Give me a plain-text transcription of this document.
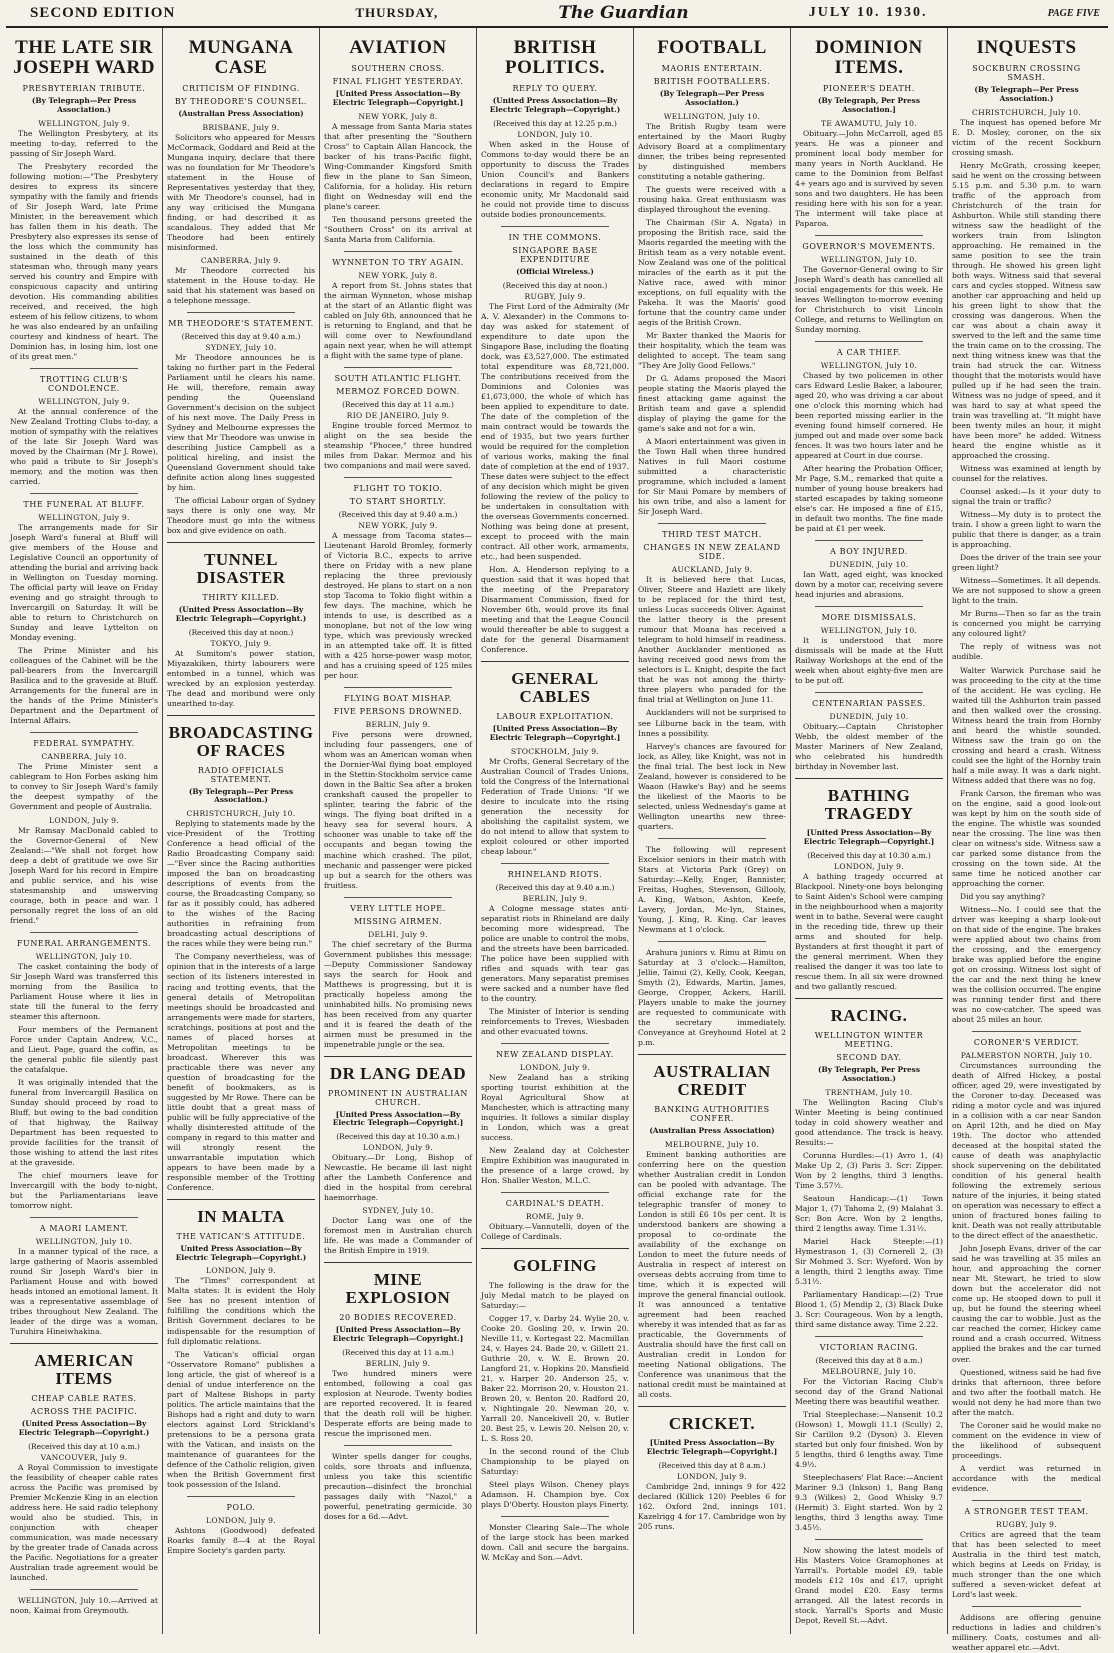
SECOND EDITION	THURSDAY,	The Guardian	JULY 10. 1930.	PAGE FIVE
THE LATE SIR JOSEPH WARD
PRESBYTERIAN TRIBUTE.
(By Telegraph—Per Press Association.)
WELLINGTON, July 9.
The Wellington Presbytery, at its meeting to-day, referred to the passing of Sir Joseph Ward.
The Presbytery recorded the following motion:—"The Presbytery desires to express its sincere sympathy with the family and friends of Sir Joseph Ward, late Prime Minister, in the bereavement which has fallen them in his death. The Presbytery also expresses its sense of the loss which the community has sustained in the death of this statesman who, through many years served his country and Empire with conspicuous capacity and untiring devotion. His commanding abilities received, and received, the high esteem of his fellow citizens, to whom he was also endeared by an unfailing courtesy and kindness of heart. The Dominion has, in losing him, lost one of its great men."
TROTTING CLUB'S CONDOLENCE.
WELLINGTON, July 9.
At the annual conference of the New Zealand Trotting Clubs to-day, a motion of sympathy with the relatives of the late Sir Joseph Ward was moved by the Chairman (Mr J. Rowe), who paid a tribute to Sir Joseph's memory, and the motion was then carried.
THE FUNERAL AT BLUFF.
WELLINGTON, July 9.
The arrangements made for Sir Joseph Ward's funeral at Bluff will give members of the House and Legislative Council an opportunity of attending the burial and arriving back in Wellington on Tuesday morning. The official party will leave on Friday evening and go straight through to Invercargill on Saturday. It will be able to return to Christchurch on Sunday and leave Lyttelton on Monday evening.
The Prime Minister and his colleagues of the Cabinet will be the pall-bearers from the Invercargill Basilica and to the graveside at Bluff. Arrangements for the funeral are in the hands of the Prime Minister's Department and the Department of Internal Affairs.
FEDERAL SYMPATHY.
CANBERRA, July 10.
The Prime Minister sent a cablegram to Hon Forbes asking him to convey to Sir Joseph Ward's family the deepest sympathy of the Government and people of Australia.
LONDON, July 9.
Mr Ramsay MacDonald cabled to the Governor-General of New Zealand:—"We shall not forget how deep a debt of gratitude we owe Sir Joseph Ward for his record in Empire and public service, and his wise statesmanship and unswerving courage, both in peace and war. I personally regret the loss of an old friend."
FUNERAL ARRANGEMENTS.
WELLINGTON, July 10.
The casket containing the body of Sir Joseph Ward was transferred this morning from the Basilica to Parliament House where it lies in state till the funeral to the ferry steamer this afternoon.
Four members of the Permanent Force under Captain Andrew, V.C., and Lieut. Page, guard the coffin, as the general public file silently past the catafalque.
It was originally intended that the funeral from Invercargill Basilica on Sunday should proceed by road to Bluff, but owing to the bad condition of that highway, the Railway Department has been requested to provide facilities for the transit of those wishing to attend the last rites at the graveside.
The chief mourners leave for Invercargill with the body to-night, but the Parliamentarians leave tomorrow night.
A MAORI LAMENT.
WELLINGTON, July 10.
In a manner typical of the race, a large gathering of Maoris assembled round Sir Joseph Ward's bier in Parliament House and with bowed heads intoned an emotional lament. It was a representative assemblage of tribes throughout New Zealand. The leader of the dirge was a woman, Turuhira Hineiwhakina.
AMERICAN ITEMS
CHEAP CABLE RATES.
ACROSS THE PACIFIC.
(United Press Association—By Electric Telegraph—Copyright.)
(Received this day at 10 a.m.)
VANCOUVER, July 9.
A Royal Commission to investigate the feasibility of cheaper cable rates across the Pacific was promised by Premier McKenzie King in an election address here. He said radio telephony would also be studied. This, in conjunction with cheaper communication, was made necessary by the greater trade of Canada across the Pacific. Negotiations for a greater Australian trade agreement would be launched.
WELLINGTON, July 10.—Arrived at noon, Kaimai from Greymouth.
MUNGANA CASE
CRITICISM OF FINDING.
BY THEODORE'S COUNSEL.
(Australian Press Association)
BRISBANE, July 9.
Solicitors who appeared for Messrs McCormack, Goddard and Reid at the Mungana inquiry, declare that there was no foundation for Mr Theodore's statement in the House of Representatives yesterday that they, with Mr Theodore's counsel, had in any way criticised the Mungana finding, or had described it as scandalous. They added that Mr Theodore had been entirely misinformed.
CANBERRA, July 9.
Mr Theodore corrected his statement in the House to-day. He said that his statement was based on a telephone message.
MR THEODORE'S STATEMENT.
(Received this day at 9.40 a.m.)
SYDNEY, July 10.
Mr Theodore announces he is taking no further part in the Federal Parliament until he clears his name. He will, therefore, remain away pending the Queensland Government's decision on the subject of his next move. The Daily Press in Sydney and Melbourne expresses the view that Mr Theodore was unwise in describing Justice Campbell as a political hireling, and insist the Queensland Government should take definite action along lines suggested by him.
The official Labour organ of Sydney says there is only one way, Mr Theodore must go into the witness box and give evidence on oath.
TUNNEL DISASTER
THIRTY KILLED.
(United Press Association—By Electric Telegraph—Copyright.)
(Received this day at noon.)
TOKYO, July 9.
At Sumitom's power station, Miyazakiken, thirty labourers were entombed in a tunnel, which was wrecked by an explosion yesterday. The dead and moribund were only unearthed to-day.
BROADCASTING OF RACES
RADIO OFFICIALS STATEMENT.
(By Telegraph—Per Press Association.)
CHRISTCHURCH, July 10.
Replying to statements made by the vice-President of the Trotting Conference a head official of the Radio Broadcasting Company said:—"Ever since the Racing authorities imposed the ban on broadcasting descriptions of events from the course, the Broadcasting Company, so far as it possibly could, has adhered to the wishes of the Racing authorities in refraining from broadcasting actual descriptions of the races while they were being run."
The Company nevertheless, was of opinion that in the interests of a large section of its listeners interested in racing and trotting events, that the general details of Metropolitan meetings should be broadcasted and arrangements were made for starters, scratchings, positions at post and the names of placed horses at Metropolitan meetings to be broadcast. Wherever this was practicable there was never any question of broadcasting for the benefit of bookmakers, as is suggested by Mr Rowe. There can be little doubt that a great mass of public will be fully appreciative of the wholly disinterested attitude of the company in regard to this matter and will strongly resent the unwarrantable imputation which appears to have been made by a responsible member of the Trotting Conference.
IN MALTA
THE VATICAN'S ATTITUDE.
United Press Association—By Electric Telegraph—Copyright.)
LONDON, July 9.
The "Times" correspondent at Malta states: It is evident the Holy See has no present intention of fulfilling the conditions which the British Government declares to be indispensable for the resumption of full diplomatic relations.
The Vatican's official organ "Osservatore Romano" publishes a long article, the gist of whereof is a denial of undue interference on the part of Maltese Bishops in party politics. The article maintains that the Bishops had a right and duty to warn electors against Lord Strickland's pretensions to be a persona grata with the Vatican, and insists on the maintenance of guarantees for the defence of the Catholic religion, given when the British Government first took possession of the Island.
POLO.
LONDON, July 9.
Ashtons (Goodwood) defeated Roarks family 8—4 at the Royal Empire Society's garden party.
AVIATION
SOUTHERN CROSS.
FINAL FLIGHT YESTERDAY.
[United Press Association—By Electric Telegraph—Copyright.]
NEW YORK, July 8.
A message from Santa Maria states that after presenting the "Southern Cross" to Captain Allan Hancock, the backer of his trans-Pacific flight, Wing-Commander Kingsford Smith flew in the plane to San Simeon, California, for a holiday. His return flight on Wednesday will end the plane's career.
Ten thousand persons greeted the "Southern Cross" on its arrival at Santa Maria from California.
WYNNETON TO TRY AGAIN.
NEW YORK, July 8.
A report from St. Johns states that the airman Wynneton, whose mishap at the start of an Atlantic flight was cabled on July 6th, announced that he is returning to England, and that he will come over to Newfoundland again next year, when he will attempt a flight with the same type of plane.
SOUTH ATLANTIC FLIGHT.
MERMOZ FORCED DOWN.
(Received this day at 11 a.m.)
RIO DE JANEIRO, July 9.
Engine trouble forced Mermoz to alight on the sea beside the steamship "Phocee," three hundred miles from Dakar. Mermoz and his two companions and mail were saved.
FLIGHT TO TOKIO.
TO START SHORTLY.
(Received this day at 9.40 a.m.)
NEW YORK, July 9.
A message from Tacoma states—Lieutenant Harold Bromley, formerly of Victoria B.C., expects to arrive there on Friday with a new plane replacing the three previously destroyed. He plans to start on a non stop Tacoma to Tokio flight within a few days. The machine, which he intends to use, is described as a monoplane, but not of the low wing type, which was previously wrecked in an attempted take off. It is fitted with a 425 horse-power wasp motor, and has a cruising speed of 125 miles per hour.
FLYING BOAT MISHAP.
FIVE PERSONS DROWNED.
BERLIN, July 9.
Five persons were drowned, including four passengers, one of whom was an American woman when the Dornier-Wal flying boat employed in the Stettin-Stockholm service came down in the Baltic Sea after a broken crankshaft caused the propeller to splinter, tearing the fabric of the wings. The flying boat drifted in a heavy sea for several hours. A schooner was unable to take off the occupants and began towing the machine which crashed. The pilot, mechanic and passenger were picked up but a search for the others was fruitless.
VERY LITTLE HOPE.
MISSING AIRMEN.
DELHI, July 9.
The chief secretary of the Burma Government publishes this message:—Deputy Commissioner Sandoway says the search for Hook and Matthews is progressing, but it is practically hopeless among the uninhabited hills. No promising news has been received from any quarter and it is feared the death of the airmen must be presumed in the impenetrable jungle or the sea.
DR LANG DEAD
PROMINENT IN AUSTRALIAN CHURCH.
[United Press Association—By Electric Telegraph—Copyright.]
(Received this day at 10.30 a.m.)
LONDON, July 9.
Obituary.—Dr Long, Bishop of Newcastle. He became ill last night after the Lambeth Conference and died in the hospital from cerebral haemorrhage.
SYDNEY, July 10.
Doctor Lang was one of the foremost men in Australian church life. He was made a Commander of the British Empire in 1919.
MINE EXPLOSION
20 BODIES RECOVERED.
[United Press Association—By Electric Telegraph—Copyright.]
(Received this day at 11 a.m.)
BERLIN, July 9.
Two hundred miners were entombed, following a coal gas explosion at Neurode. Twenty bodies are reported recovered. It is feared that the death roll will be higher. Desperate efforts are being made to rescue the imprisoned men.
Winter spells danger for coughs, colds, sore throats and influenza, unless you take this scientific precaution—disinfect the bronchial passages daily with "Nazol," a powerful, penetrating germicide. 30 doses for a 6d.—Advt.
BRITISH POLITICS.
REPLY TO QUERY.
(United Press Association—By Electric Telegraph—Copyright.)
(Received this day at 12.25 p.m.)
LONDON, July 10.
When asked in the House of Commons to-day would there be an opportunity to discuss the Trades Union Council's and Bankers declarations in regard to Empire economic unity, Mr Macdonald said he could not provide time to discuss outside bodies pronouncements.
IN THE COMMONS.
SINGAPORE BASE EXPENDITURE
(Official Wireless.)
(Received this day at noon.)
RUGBY, July 9.
The First Lord of the Admiralty (Mr A. V. Alexander) in the Commons to-day was asked for statement of expenditure to date upon the Singapore Base, including the floating dock, was £3,527,000. The estimated total expenditure was £8,721,000. The contributions received from the Dominions and Colonies was £1,673,000, the whole of which has been applied to expenditure to date. The date of the completion of the main contract would be towards the end of 1935, but two years further would be required for the completion of various works, making the final date of completion at the end of 1937. These dates were subject to the effect of any decision which might be given following the review of the policy to be undertaken in consultation with the overseas Governments concerned. Nothing was being done at present, except to proceed with the main contract. All other work, armaments, etc., had been suspended.
Hon. A. Henderson replying to a question said that it was hoped that the meeting of the Preparatory Disarmament Commission, fixed for November 6th, would prove its final meeting and that the League Council would thereafter be able to suggest a date for the general Disarmament Conference.
GENERAL CABLES
LABOUR EXPLOITATION.
[United Press Association—By Electric Telegraph—Copyright.]
STOCKHOLM, July 9.
Mr Crofts, General Secretary of the Australian Council of Trades Unions, told the Congress of the International Federation of Trade Unions: "If we desire to inculcate into the rising generation the necessity for abolishing the capitalist system, we do not intend to allow that system to exploit coloured or other imported cheap labour."
RHINELAND RIOTS.
(Received this day at 9.40 a.m.)
BERLIN, July 9.
A Cologne message states anti-separatist riots in Rhineland are daily becoming more widespread. The police are unable to control the mobs, and the streets have been barricaded. The police have been supplied with rifles and squads with tear gas generators. Many separatist premises were sacked and a number have fled to the country.
The Minister of Interior is sending reinforcements to Treves, Wiesbaden and other evacuated towns.
NEW ZEALAND DISPLAY.
LONDON, July 9.
New Zealand has a striking sporting tourist exhibition at the Royal Agricultural Show at Manchester, which is attracting many inquiries. It follows a similar display in London, which was a great success.
New Zealand day at Colchester Empire Exhibition was inaugurated in the presence of a large crowd, by Hon. Shaller Weston, M.L.C.
CARDINAL'S DEATH.
ROME, July 9.
Obituary.—Vannutelli, doyen of the College of Cardinals.
GOLFING
The following is the draw for the July Medal match to be played on Saturday:—
Cogger 17, v. Darby 24. Wylie 20, v. Cooke 20. Gosling 20, v. Irwin 20. Neville 11, v. Kortegast 22. Macmillan 24, v. Hayes 24. Bade 20, v. Gillett 21. Guthrie 20, v. W. E. Brown 20. Langford 21, v. Hopkins 20. Mansfield 21, v. Harper 20. Anderson 25, v. Baker 22. Morrison 20, v. Houston 21. Brown 20, v. Benton 20. Radford 20, v. Nightingale 20. Newman 20, v. Yarrall 20. Nancekivell 20, v. Butler 20. Best 25, v. Lewis 20. Nelson 20, v. L. S. Ross 20.
In the second round of the Club Championship to be played on Saturday:
Steel plays Wilson. Cheney plays Adamson. H. Champion bye. Cox plays D'Oberty. Houston plays Finerty.
Monster Clearing Sale—The whole of the large stock has been marked down. Call and secure the bargains. W. McKay and Son.—Advt.
FOOTBALL
MAORIS ENTERTAIN.
BRITISH FOOTBALLERS.
(By Telegraph—Per Press Association.)
WELLINGTON, July 10.
The British Rugby team were entertained by the Maori Rugby Advisory Board at a complimentary dinner, the tribes being represented by distinguished members constituting a notable gathering.
The guests were received with a rousing haka. Great enthusiasm was displayed throughout the evening.
The Chairman (Sir A. Ngata) in proposing the British race, said the Maoris regarded the meeting with the British team as a very notable event. Now Zealand was one of the political miracles of the earth as it put the Native race, awed with minor exceptions, on full equality with the Pakeha. It was the Maoris' good fortune that the country came under aegis of the British Crown.
Mr Baxter thanked the Maoris for their hospitality, which the team was delighted to accept. The team sang "They Are Jolly Good Fellows."
Dr G. Adams proposed the Maori people stating the Maoris played the finest attacking game against the British team and gave a splendid display of playing the game for the game's sake and not for a win.
A Maori entertainment was given in the Town Hall when three hundred Natives in full Maori costume submitted a characteristic programme, which included a lament for Sir Maui Pomare by members of his own tribe, and also a lament for Sir Joseph Ward.
THIRD TEST MATCH.
CHANGES IN NEW ZEALAND SIDE.
AUCKLAND, July 9.
It is believed here that Lucas, Oliver, Steere and Hazlett are likely to be replaced for the third test, unless Lucas succeeds Oliver. Against the latter theory is the present rumour that Moana has received a telegram to hold himself in readiness. Another Aucklander mentioned as having received good news from the selectors is L. Knight, despite the fact that he was not among the thirty-three players who paraded for the final trial at Wellington on June 11.
Aucklanders will not be surprised to see Lilburne back in the team, with Innes a possibility.
Harvey's chances are favoured for lock, as Alley, like Knight, was not in the final trial. The best lock in New Zealand, however is considered to be Waaon (Hawke's Bay) and he seems the likeliest of the Maoris to be selected, unless Wednesday's game at Wellington unearths new three-quarters.
The following will represent Excelsior seniors in their match with Stars at Victoria Park (Grey) on Saturday:—Kelly, Enger, Bannister, Freitas, Hughes, Stevenson, Gillooly, A. King, Watson, Ashton, Keefe, Lavery, Jordan, Mc-Iyn, Staines, Young, J. King, R. King. Car leaves Newmans at 1 o'clock.
Arahura juniors v. Rimu at Rimu on Saturday at 3 o'clock:—Hamilton, Jellie, Tainui (2), Kelly, Cook, Keegan, Smyth (2), Edwards, Martin, James, George, Cropper, Ackers, Harill. Players unable to make the journey are requested to communicate with the secretary immediately. Conveyance at Greyhound Hotel at 2 p.m.
AUSTRALIAN CREDIT
BANKING AUTHORITIES CONFER.
(Australian Press Association)
MELBOURNE, July 10.
Eminent banking authorities are conferring here on the question whether Australian credit in London can be pooled with advantage. The official exchange rate for the telegraphic transfer of money to London is still £6 10s per cent. It is understood bankers are showing a proposal to co-ordinate the availability of the exchange on London to meet the future needs of Australia in respect of interest on overseas debts accruing from time to time, which it is expected will improve the general financial outlook. It was announced a tentative agreement had been reached whereby it was intended that as far as practicable, the Governments of Australia should have the first call on Australian credit in London for meeting National obligations. The Conference was unanimous that the national credit must be maintained at all costs.
CRICKET.
[United Press Association—By Electric Telegraph—Copyright.]
(Received this day at 8 a.m.)
LONDON, July 9.
Cambridge 2nd, innings 9 for 422 declared (Killick 120) Peebles 6 for 162. Oxford 2nd, innings 101. Kazelrigg 4 for 17. Cambridge won by 205 runs.
DOMINION ITEMS.
PIONEER'S DEATH.
(By Telegraph, Per Press Association.]
TE AWAMUTU, July 10.
Obituary.—John McCarroll, aged 85 years. He was a pioneer and prominent local body member for many years in North Auckland. He came to the Dominion from Belfast 4+ years ago and is survived by seven sons and two daughters. He has been residing here with his son for a year. The interment will take place at Paparoa.
GOVERNOR'S MOVEMENTS.
WELLINGTON, July 10.
The Governor-General owing to Sir Joseph Ward's death has cancelled all social engagements for this week. He leaves Wellington to-morrow evening for Christchurch to visit Lincoln College, and returns to Wellington on Sunday morning.
A CAR THIEF.
WELLINGTON, July 10.
Chased by two policemen in other cars Edward Leslie Baker, a labourer, aged 20, who was driving a car about one o'clock this morning which had been reported missing earlier in the evening found himself cornered. He jumped out and made over some back fences. It was two hours later and he appeared at Court in due course.
After hearing the Probation Officer, Mr Page, S.M., remarked that quite a number of young house breakers had started escapades by taking someone else's car. He imposed a fine of £15, in default two months. The fine made be paid at £1 per week.
A BOY INJURED.
DUNEDIN, July 10.
Ian Watt, aged eight, was knocked down by a motor car, receiving severe head injuries and abrasions.
MORE DISMISSALS.
WELLINGTON, July 10.
It is understood that more dismissals will be made at the Hutt Railway Workshops at the end of the week when about eighty-five men are to be put off.
CENTENARIAN PASSES.
DUNEDIN, July 10.
Obituary.—Captain Christopher Webb, the oldest member of the Master Mariners of New Zealand, who celebrated his hundredth birthday in November last.
BATHING TRAGEDY
[United Press Association—By Electric Telegraph—Copyright.]
(Received this day at 10.30 a.m.)
LONDON, July 9.
A bathing tragedy occurred at Blackpool. Ninety-one boys belonging to Saint Aiden's School were camping in the neighbourhood when a majority went in to bathe. Several were caught in the receding tide, threw up their arms and shouted for help. Bystanders at first thought it part of the general merriment. When they realised the danger it was too late to rescue them. In all six were drowned and two gallantly rescued.
RACING.
WELLINGTON WINTER MEETING.
SECOND DAY.
(By Telegraph, Per Press Association.)
TRENTHAM, July 10.
The Wellington Racing Club's Winter Meeting is being continued today in cold showery weather and good attendance. The track is heavy. Results:—
Corunna Hurdles:—(1) Avro 1, (4) Make Up 2, (3) Paris 3. Scr: Zipper. Won by 2 lengths, third 3 lengths. Time 3.57½.
Seatoun Handicap:—(1) Town Major 1, (7) Tahoma 2, (9) Malahat 3. Scr: Bon Acre. Won by 2 lengths, third 2 lengths away. Time 1.31½.
Mariel Hack Steeple:—(1) Hymestrason 1, (3) Cornerell 2, (3) Sir Mohmed 3. Scr: Wyeford. Won by a length, third 2 lengths away. Time 5.31½.
Parliamentary Handicap:—(2) True Blood 1, (5) Mendip 2, (3) Black Duke 3. Scr: Courageous. Won by a length, third same distance away. Time 2.22.
VICTORIAN RACING.
(Received this day at 8 a.m.)
MELBOURNE, July 10.
For the Victorian Racing Club's second day of the Grand National Meeting there was beautiful weather.
Trial Steeplechase:—Nansenit 10.2 (Howson) 1, Mowgli 11.1 (Scully) 2, Sir Carillon 9.2 (Dyson) 3. Eleven started but only four finished. Won by 5 lengths, third 6 lengths away. Time 4.9½.
Steeplechasers' Flat Race:—Ancient Mariner 9.3 (Inkson) 1, Bang Bang 9.3 (Wilkes) 2, Good Whisky 9.7 (Hermit) 3. Eight started. Won by 2 lengths, third 3 lengths away. Time 3.45½.
Now showing the latest models of His Masters Voice Gramophones at Yarrall's. Portable model £9, table models £12 10s and £17, upright Grand model £20. Easy terms arranged. All the latest records in stock. Yarrall's Sports and Music Depot, Revell St.—Advt.
INQUESTS
SOCKBURN CROSSING SMASH.
(By Telegraph—Per Press Association.)
CHRISTCHURCH, July 10.
The inquest has opened before Mr E. D. Mosley, coroner, on the six victim of the recent Sockburn crossing smash.
Henry McGrath, crossing keeper, said he went on the crossing between 5.15 p.m. and 5.30 p.m. to warn traffic of the approach from Christchurch of the train for Ashburton. While still standing there witness saw the headlight of the workers train from Islington approaching. He remained in the same position to see the train through. He showed his green light both ways. Witness said that several cars and cycles stopped. Witness saw another car approaching and held up his green light to show that the crossing was dangerous. When the car was about a chain away it swerved to the left and the same time the train came on to the crossing. The next thing witness knew was that the train had struck the car. Witness thought that the motorists would have pulled up if he had seen the train. Witness was no judge of speed, and it was hard to say at what speed the train was travelling at. "It might have been twenty miles an hour, it might have been more" he added. Witness heard the engine whistle as it approached the crossing.
Witness was examined at length by counsel for the relatives.
Counsel asked:—Is it your duty to signal the train or traffic?
Witness—My duty is to protect the train. I show a green light to warn the public that there is danger, as a train is approaching.
Does the driver of the train see your green light?
Witness—Sometimes. It all depends. We are not supposed to show a green light to the train.
Mr Burns—Then so far as the train is concerned you might be carrying any coloured light?
The reply of witness was not audible.
Walter Warwick Purchase said he was proceeding to the city at the time of the accident. He was cycling. He waited till the Ashburton train passed and then walked over the crossing. Witness heard the train from Hornby and heard the whistle sounded. Witness saw the train go on the crossing and heard a crash. Witness could see the light of the Hornby train half a mile away. It was a dark night. Witness added that there was no fog.
Frank Carson, the fireman who was on the engine, said a good look-out was kept by him on the south side of the engine. The whistle was sounded near the crossing. The line was then clear on witness's side. Witness saw a car parked some distance from the crossing on the town side. At the same time he noticed another car approaching the corner.
Did you say anything?
Witness—No. I could see that the driver was keeping a sharp look-out on that side of the engine. The brakes were applied about two chains from the crossing, and the emergency brake was applied before the engine got on crossing. Witness lost sight of the car and the next thing he knew was the collision occurred. The engine was running tender first and there was no cow-catcher. The speed was about 25 miles an hour.
CORONER'S VERDICT.
PALMERSTON NORTH, July 10.
Circumstances surrounding the death of Alfred Hickey, a postal officer, aged 29, were investigated by the Coroner to-day. Deceased was riding a motor cycle and was injured in a collision with a car near Sandon on April 12th, and he died on May 19th. The doctor who attended deceased at the hospital stated the cause of death was anaphylactic shock supervening on the debilitated condition of his general health following the extremely serious nature of the injuries, it being stated on operation was necessary to effect a union of fractured bones failing to knit. Death was not really attributable to the direct effect of the anaesthetic.
John Joseph Evans, driver of the car said he was travelling at 35 miles an hour, and approaching the corner near Mt. Stewart, he tried to slow down but the accelerator did not come up. He stooped down to pull it up, but he found the steering wheel causing the car to wobble. Just as the car reached the corner, Hickey came round and a crash occurred. Witness applied the brakes and the car turned over.
Questioned, witness said he had five drinks that afternoon, three before and two after the football match. He would not deny he had more than two after the match.
The Coroner said he would make no comment on the evidence in view of the likelihood of subsequent proceedings.
A verdict was returned in accordance with the medical evidence.
A STRONGER TEST TEAM.
RUGBY, July 9.
Critics are agreed that the team that has been selected to meet Australia in the third test match, which begins at Leeds on Friday, is much stronger than the one which suffered a seven-wicket defeat at Lord's last week.
Addisons are offering genuine reductions in ladies and children's millinery. Coats, costumes and all-weather apparel etc.—Advt.
